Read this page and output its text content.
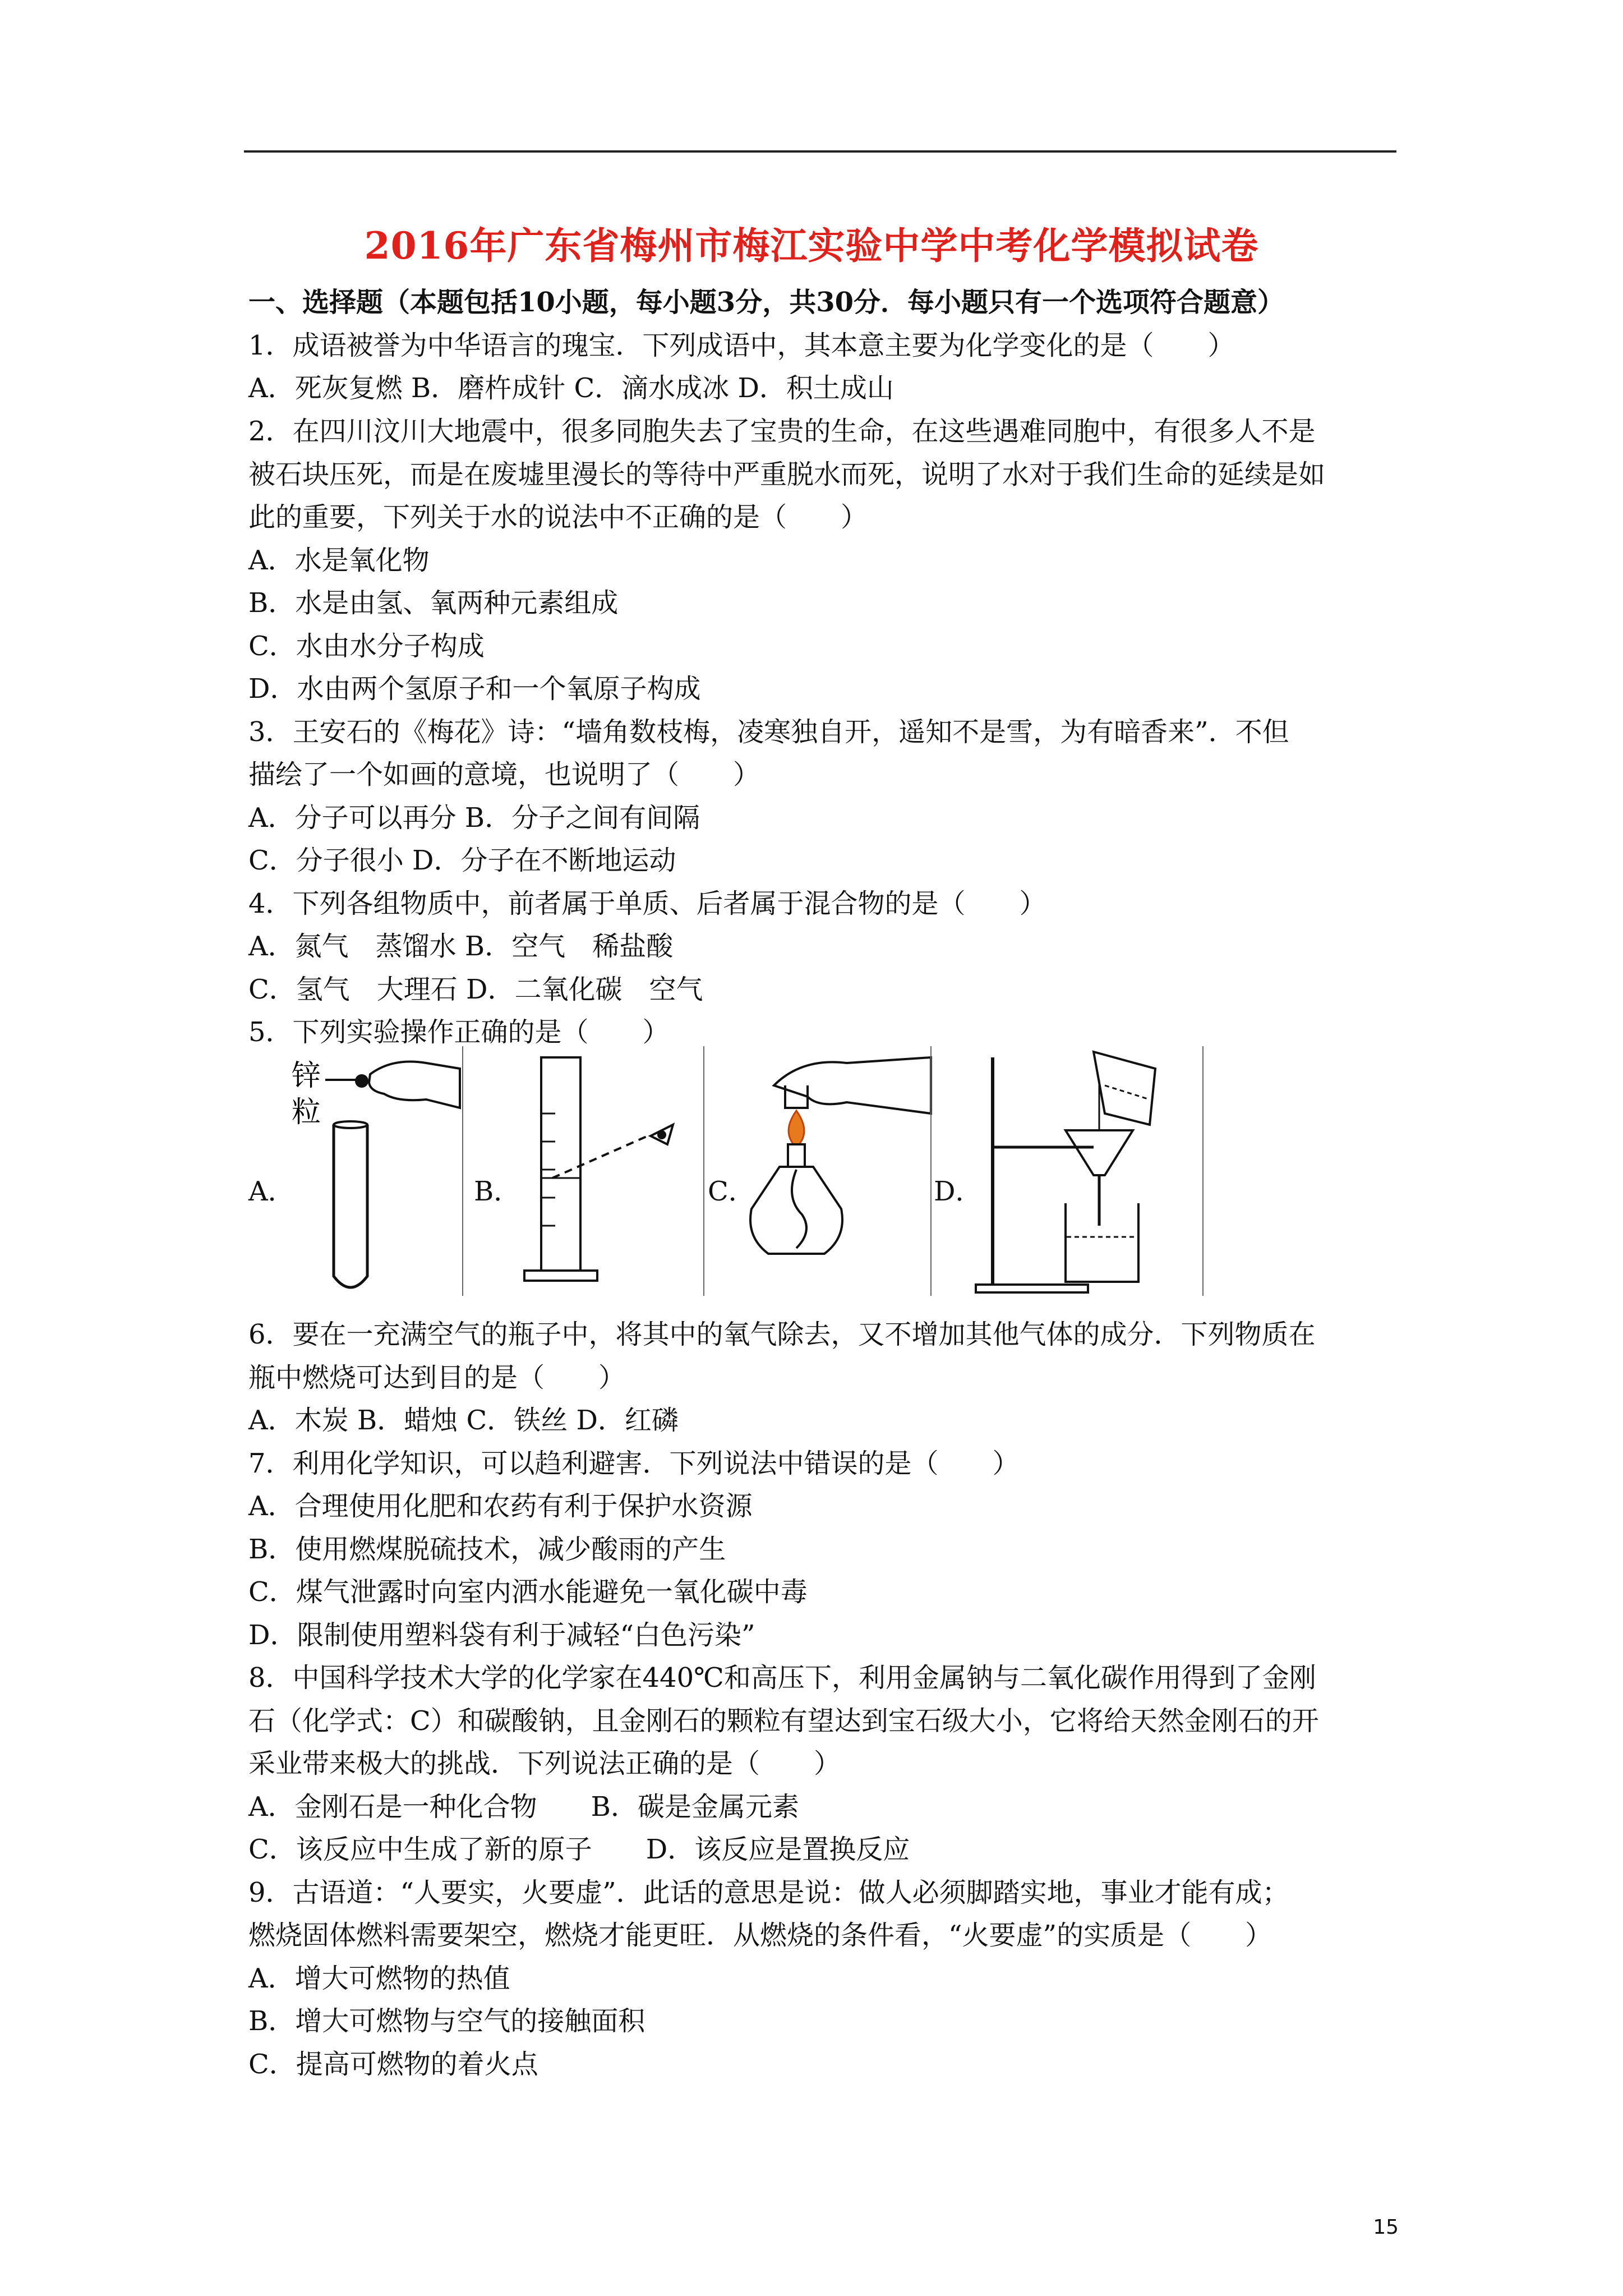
2016年广东省梅州市梅江实验中学中考化学模拟试卷
一、选择题（本题包括10小题，每小题3分，共30分．每小题只有一个选项符合题意）
1．成语被誉为中华语言的瑰宝．下列成语中，其本意主要为化学变化的是（　　）
A．死灰复燃 B．磨杵成针 C．滴水成冰 D．积土成山
2．在四川汶川大地震中，很多同胞失去了宝贵的生命，在这些遇难同胞中，有很多人不是
被石块压死，而是在废墟里漫长的等待中严重脱水而死，说明了水对于我们生命的延续是如
此的重要，下列关于水的说法中不正确的是（　　）
A．水是氧化物
B．水是由氢、氧两种元素组成
C．水由水分子构成
D．水由两个氢原子和一个氧原子构成
3．王安石的《梅花》诗：“墙角数枝梅，凌寒独自开，遥知不是雪，为有暗香来”．不但
描绘了一个如画的意境，也说明了（　　）
A．分子可以再分 B．分子之间有间隔
C．分子很小 D．分子在不断地运动
4．下列各组物质中，前者属于单质、后者属于混合物的是（　　）
A．氮气　蒸馏水 B．空气　稀盐酸
C．氢气　大理石 D．二氧化碳　空气
5．下列实验操作正确的是（　　）
A．
锌
粒
B．	C．	D．
6．要在一充满空气的瓶子中，将其中的氧气除去，又不增加其他气体的成分．下列物质在
瓶中燃烧可达到目的是（　　）
A．木炭 B．蜡烛 C．铁丝 D．红磷
7．利用化学知识，可以趋利避害．下列说法中错误的是（　　）
A．合理使用化肥和农药有利于保护水资源
B．使用燃煤脱硫技术，减少酸雨的产生
C．煤气泄露时向室内洒水能避免一氧化碳中毒
D．限制使用塑料袋有利于减轻“白色污染”
8．中国科学技术大学的化学家在440℃和高压下，利用金属钠与二氧化碳作用得到了金刚
石（化学式：C）和碳酸钠，且金刚石的颗粒有望达到宝石级大小，它将给天然金刚石的开
采业带来极大的挑战．下列说法正确的是（　　）
A．金刚石是一种化合物　　B．碳是金属元素
C．该反应中生成了新的原子　　D．该反应是置换反应
9．古语道：“人要实，火要虚”．此话的意思是说：做人必须脚踏实地，事业才能有成；
燃烧固体燃料需要架空，燃烧才能更旺．从燃烧的条件看，“火要虚”的实质是（　　）
A．增大可燃物的热值
B．增大可燃物与空气的接触面积
C．提高可燃物的着火点
15
